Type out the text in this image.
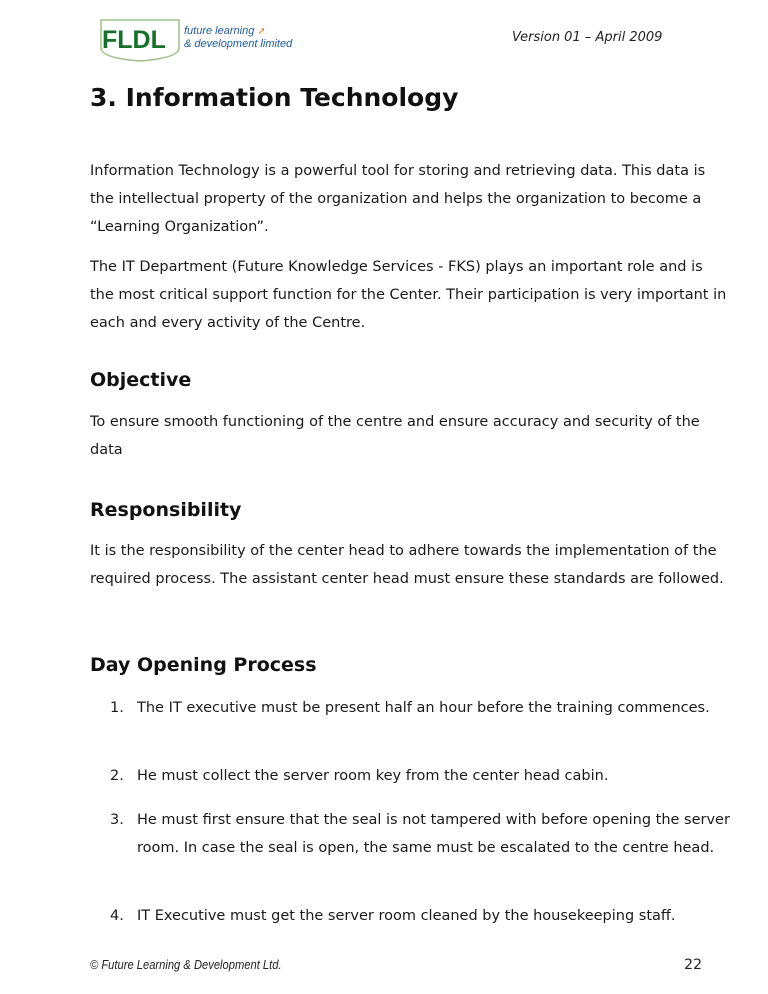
FLDL future learning ➚
& development limited	Version 01 – April 2009
3. Information Technology

Information Technology is a powerful tool for storing and retrieving data. This data is the intellectual property of the organization and helps the organization to become a “Learning Organization”.

The IT Department (Future Knowledge Services - FKS) plays an important role and is the most critical support function for the Center. Their participation is very important in each and every activity of the Centre.

Objective

To ensure smooth functioning of the centre and ensure accuracy and security of the data

Responsibility

It is the responsibility of the center head to adhere towards the implementation of the required process. The assistant center head must ensure these standards are followed.

Day Opening Process
1. The IT executive must be present half an hour before the training commences.
2. He must collect the server room key from the center head cabin.
3. He must first ensure that the seal is not tampered with before opening the server room. In case the seal is open, the same must be escalated to the centre head.
4. IT Executive must get the server room cleaned by the housekeeping staff.
© Future Learning & Development Ltd.	22
